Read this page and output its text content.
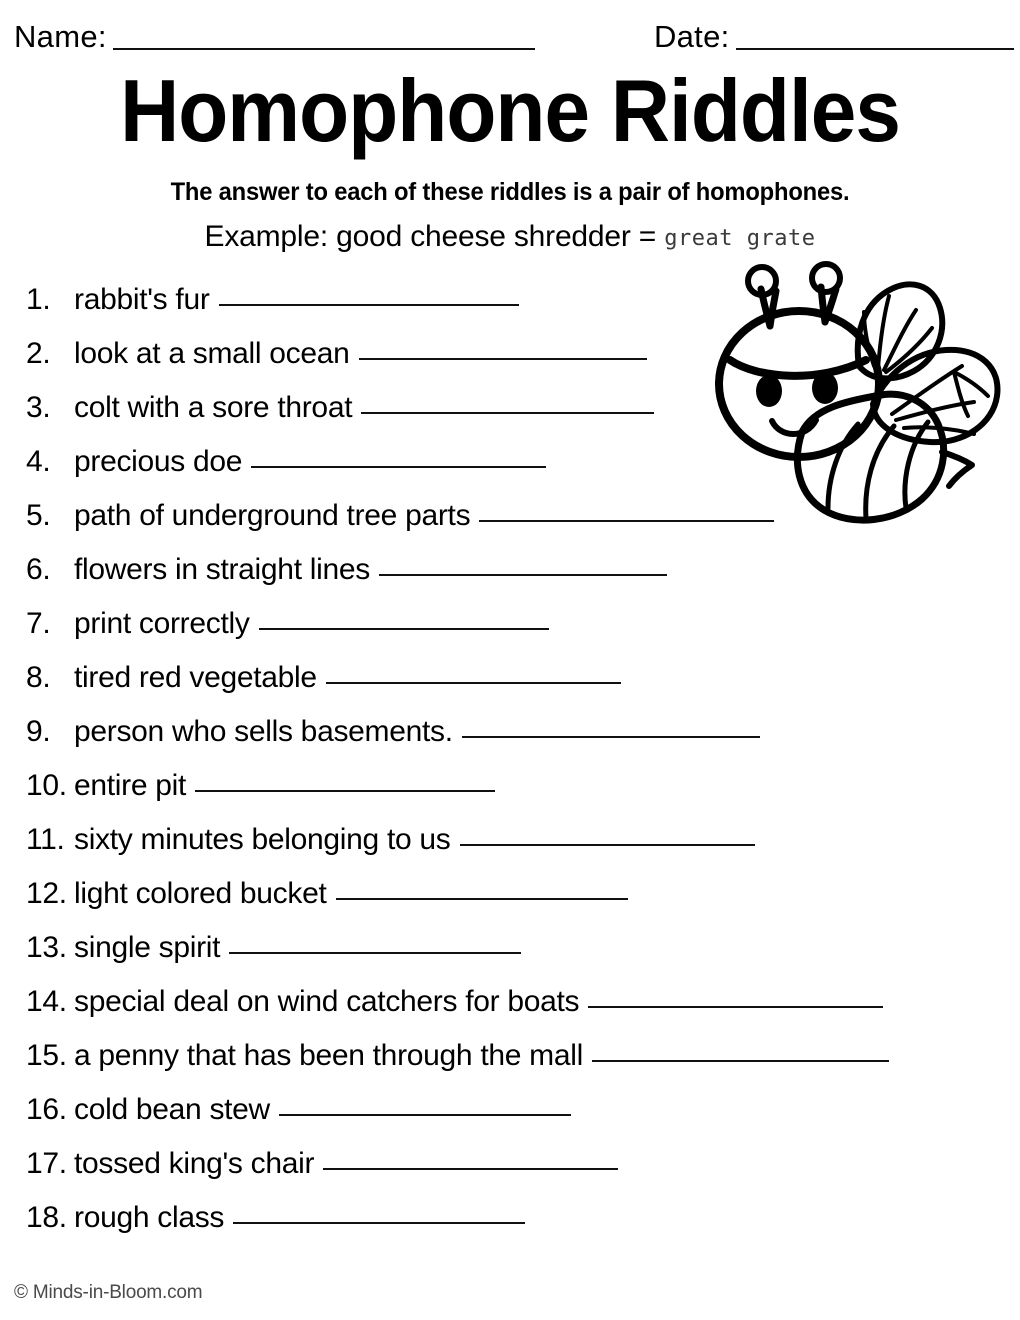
Name:	Date:
Homophone Riddles
The answer to each of these riddles is a pair of homophones.
Example: good cheese shredder = great grate
1. rabbit's fur
2. look at a small ocean
3. colt with a sore throat
4. precious doe
5. path of underground tree parts
6. flowers in straight lines
7. print correctly
8. tired red vegetable
9. person who sells basements.
10. entire pit
11. sixty minutes belonging to us
12. light colored bucket
13. single spirit
14. special deal on wind catchers for boats
15. a penny that has been through the mall
16. cold bean stew
17. tossed king's chair
18. rough class
© Minds-in-Bloom.com
